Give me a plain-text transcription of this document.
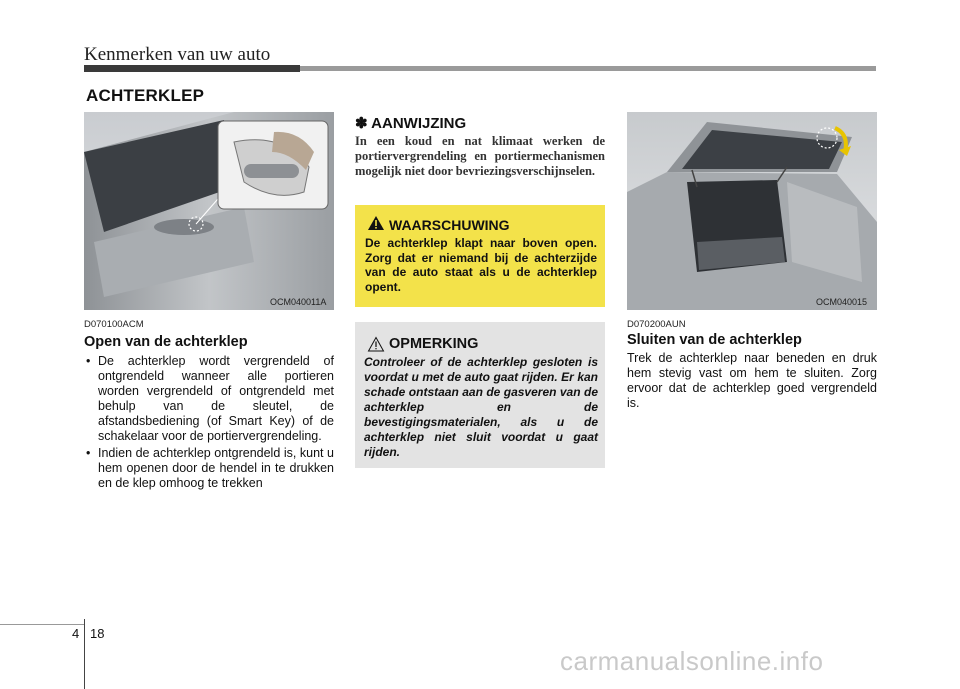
Kenmerken van uw auto
ACHTERKLEP
OCM040011A
D070100ACM
Open van de achterklep
• De achterklep wordt vergrendeld of ontgrendeld wanneer alle portieren worden vergrendeld of ontgrendeld met behulp van de sleutel, de afstandsbediening (of Smart Key) of de schakelaar voor de portiervergrendeling.
• Indien de achterklep ontgrendeld is, kunt u hem openen door de hendel in te drukken en de klep omhoog te trekken
✽ AANWIJZING
In een koud en nat klimaat werken de portiervergrendeling en portiermechanismen mogelijk niet door bevriezingsverschijnselen.
WAARSCHUWING
De achterklep klapt naar boven open. Zorg dat er niemand bij de achterzijde van de auto staat als u de achterklep opent.
OPMERKING
Controleer of de achterklep gesloten is voordat u met de auto gaat rijden. Er kan schade ontstaan aan de gasveren van de achterklep en de bevestigingsmaterialen, als u de achterklep niet sluit voordat u gaat rijden.
OCM040015
D070200AUN
Sluiten van de achterklep
Trek de achterklep naar beneden en druk hem stevig vast om hem te sluiten. Zorg ervoor dat de achterklep goed vergrendeld is.
4 18
carmanualsonline.info
